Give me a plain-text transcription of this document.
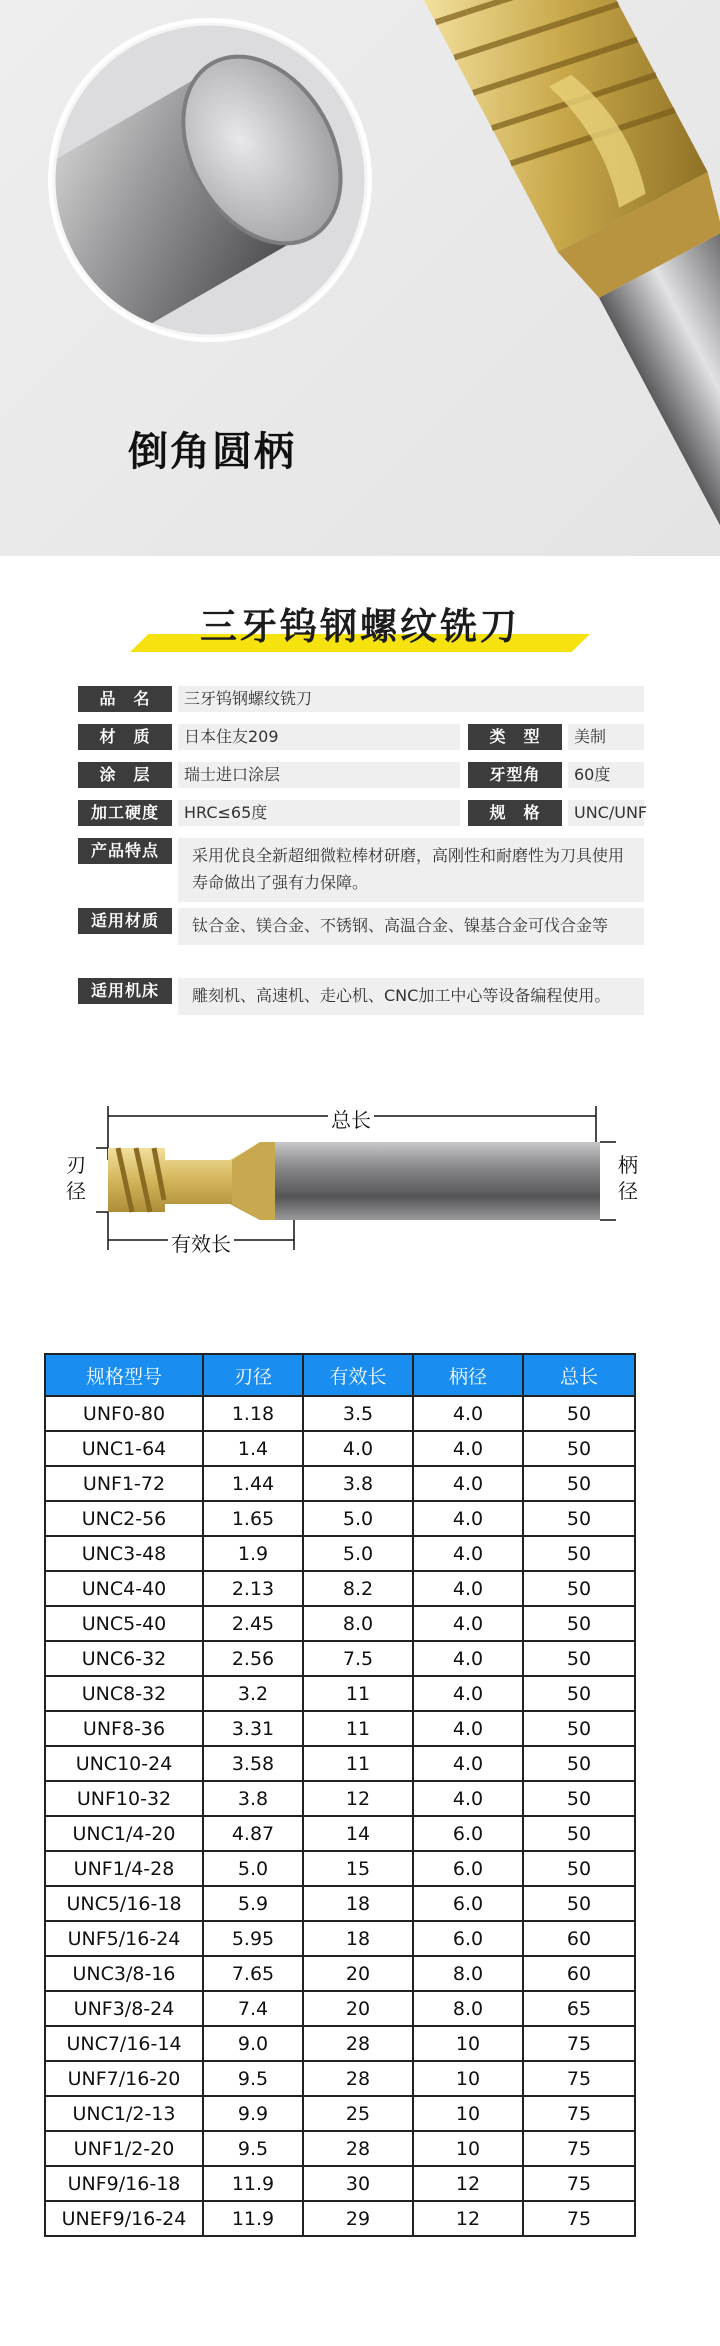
倒角圆柄
三牙钨钢螺纹铣刀
品　名	三牙钨钢螺纹铣刀
材　质	日本住友209	类　型	美制
涂　层	瑞士进口涂层	牙型角	60度
加工硬度	HRC≤65度	规　格	UNC/UNF
产品特点	采用优良全新超细微粒棒材研磨，高刚性和耐磨性为刀具使用寿命做出了强有力保障。
适用材质	钛合金、镁合金、不锈钢、高温合金、镍基合金可伐合金等
适用机床	雕刻机、高速机、走心机、CNC加工中心等设备编程使用。
总长
刃径
柄径
有效长
规格型号	刃径	有效长	柄径	总长
UNF0-80	1.18	3.5	4.0	50
UNC1-64	1.4	4.0	4.0	50
UNF1-72	1.44	3.8	4.0	50
UNC2-56	1.65	5.0	4.0	50
UNC3-48	1.9	5.0	4.0	50
UNC4-40	2.13	8.2	4.0	50
UNC5-40	2.45	8.0	4.0	50
UNC6-32	2.56	7.5	4.0	50
UNC8-32	3.2	11	4.0	50
UNF8-36	3.31	11	4.0	50
UNC10-24	3.58	11	4.0	50
UNF10-32	3.8	12	4.0	50
UNC1/4-20	4.87	14	6.0	50
UNF1/4-28	5.0	15	6.0	50
UNC5/16-18	5.9	18	6.0	50
UNF5/16-24	5.95	18	6.0	60
UNC3/8-16	7.65	20	8.0	60
UNF3/8-24	7.4	20	8.0	65
UNC7/16-14	9.0	28	10	75
UNF7/16-20	9.5	28	10	75
UNC1/2-13	9.9	25	10	75
UNF1/2-20	9.5	28	10	75
UNF9/16-18	11.9	30	12	75
UNEF9/16-24	11.9	29	12	75
